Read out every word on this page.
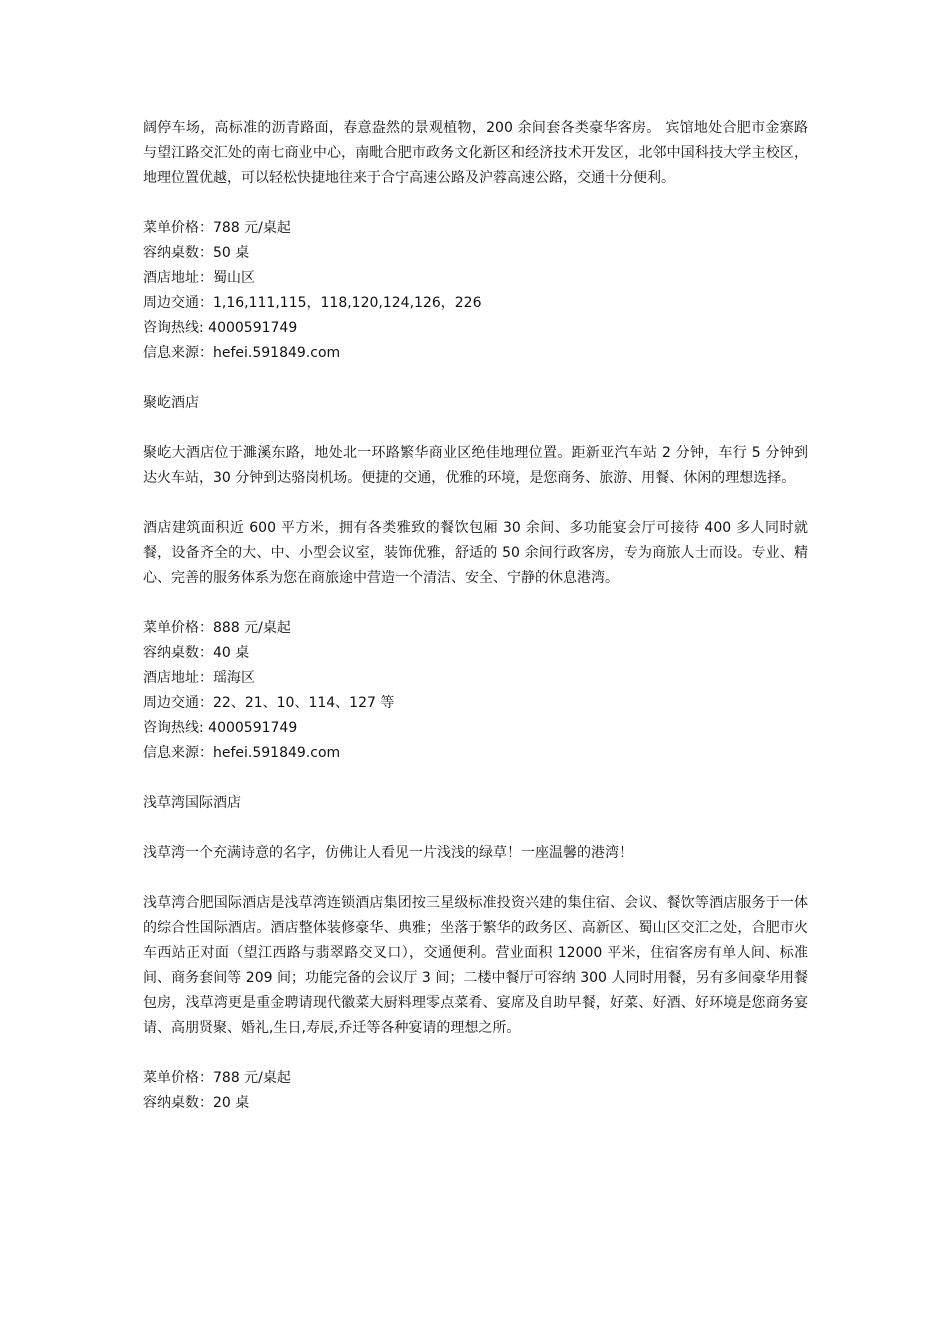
阔停车场，高标准的沥青路面，春意盎然的景观植物，200 余间套各类豪华客房。 宾馆地处合肥市金寨路与望江路交汇处的南七商业中心，南毗合肥市政务文化新区和经济技术开发区，北邻中国科技大学主校区，地理位置优越，可以轻松快捷地往来于合宁高速公路及沪蓉高速公路，交通十分便利。

菜单价格：788 元/桌起

容纳桌数：50 桌

酒店地址：蜀山区

周边交通：1,16,111,115，118,120,124,126，226

咨询热线: 4000591749

信息来源：hefei.591849.com

聚屹酒店

聚屹大酒店位于濉溪东路，地处北一环路繁华商业区绝佳地理位置。距新亚汽车站 2 分钟，车行 5 分钟到达火车站，30 分钟到达骆岗机场。便捷的交通，优雅的环境，是您商务、旅游、用餐、休闲的理想选择。

酒店建筑面积近 600 平方米，拥有各类雅致的餐饮包厢 30 余间、多功能宴会厅可接待 400 多人同时就餐，设备齐全的大、中、小型会议室，装饰优雅，舒适的 50 余间行政客房，专为商旅人士而设。专业、精心、完善的服务体系为您在商旅途中营造一个清洁、安全、宁静的休息港湾。

菜单价格：888 元/桌起

容纳桌数：40 桌

酒店地址：瑶海区

周边交通：22、21、10、114、127 等

咨询热线: 4000591749

信息来源：hefei.591849.com

浅草湾国际酒店

浅草湾一个充满诗意的名字，仿佛让人看见一片浅浅的绿草！一座温馨的港湾！

浅草湾合肥国际酒店是浅草湾连锁酒店集团按三星级标准投资兴建的集住宿、会议、餐饮等酒店服务于一体的综合性国际酒店。酒店整体装修豪华、典雅；坐落于繁华的政务区、高新区、蜀山区交汇之处，合肥市火车西站正对面（望江西路与翡翠路交叉口），交通便利。营业面积 12000 平米，住宿客房有单人间、标准间、商务套间等 209 间；功能完备的会议厅 3 间；二楼中餐厅可容纳 300 人同时用餐，另有多间豪华用餐包房，浅草湾更是重金聘请现代徽菜大厨料理零点菜肴、宴席及自助早餐，好菜、好酒、好环境是您商务宴请、高朋贤聚、婚礼,生日,寿辰,乔迁等各种宴请的理想之所。

菜单价格：788 元/桌起

容纳桌数：20 桌
